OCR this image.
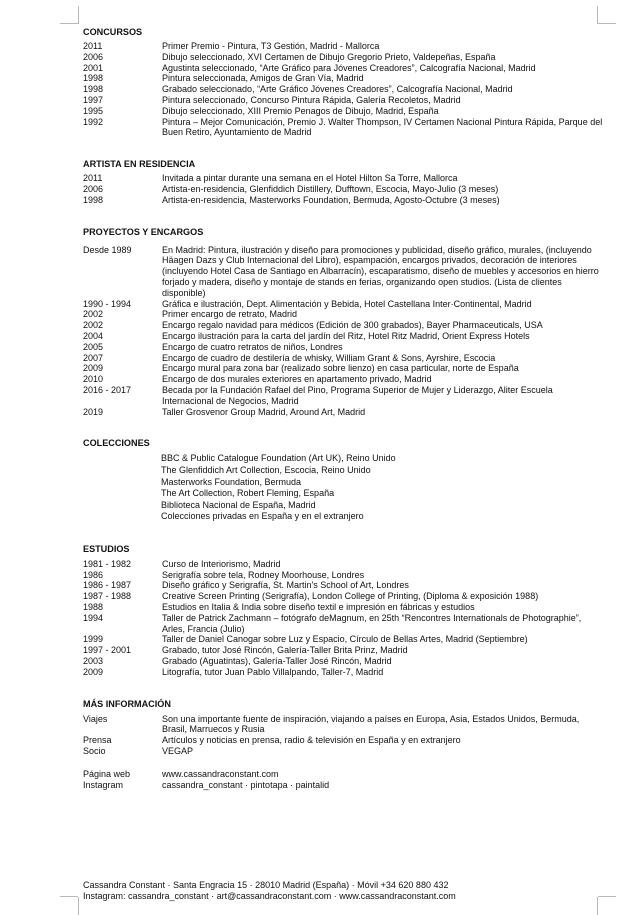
CONCURSOS
2011	Primer Premio - Pintura, T3 Gestión, Madrid - Mallorca
2006	Dibujo seleccionado, XVI Certamen de Dibujo Gregorio Prieto, Valdepeñas, España
2001	Agustinta seleccionado, “Arte Gráfico para Jóvenes Creadores”, Calcografía Nacional, Madrid
1998	Pintura seleccionada, Amigos de Gran Vía, Madrid
1998	Grabado seleccionado, “Arte Gráfico Jóvenes Creadores”, Calcografía Nacional, Madrid
1997	Pintura seleccionado, Concurso Pintura Rápida, Galería Recoletos, Madrid
1995	Dibujo seleccionado, XIII Premio Penagos de Dibujo, Madrid, España
1992	Pintura – Mejor Comunicación, Premio J. Walter Thompson, IV Certamen Nacional Pintura Rápida, Parque del Buen Retiro, Ayuntamiento de Madrid
ARTISTA EN RESIDENCIA
2011	Invitada a pintar durante una semana en el Hotel Hilton Sa Torre, Mallorca
2006	Artista-en-residencia, Glenfiddich Distillery, Dufftown, Escocia, Mayo-Julio (3 meses)
1998	Artista-en-residencia, Masterworks Foundation, Bermuda, Agosto-Octubre (3 meses)
PROYECTOS Y ENCARGOS
Desde 1989	En Madrid: Pintura, ilustración y diseño para promociones y publicidad, diseño gráfico, murales, (incluyendo Häagen Dazs y Club Internacional del Libro), espampación, encargos privados, decoración de interiores (incluyendo Hotel Casa de Santiago en Albarracín), escaparatismo, diseño de muebles y accesorios en hierro forjado y madera, diseño y montaje de stands en ferias, organizando open studios. (Lista de clientes disponible)
1990 - 1994	Gráfica e ilustración, Dept. Alimentación y Bebida, Hotel Castellana Inter·Continental, Madrid
2002	Primer encargo de retrato, Madrid
2002	Encargo regalo navidad para médicos (Edición de 300 grabados), Bayer Pharmaceuticals, USA
2004	Encargo ilustración para la carta del jardín del Ritz, Hotel Ritz Madrid, Orient Express Hotels
2005	Encargo de cuatro retratos de niños, Londres
2007	Encargo de cuadro de destilería de whisky, William Grant & Sons, Ayrshire, Escocia
2009	Encargo mural para zona bar (realizado sobre lienzo) en casa particular, norte de España
2010	Encargo de dos murales exteriores en apartamento privado, Madrid
2016 - 2017	Becada por la Fundación Rafael del Pino, Programa Superior de Mujer y Liderazgo, Aliter Escuela Internacional de Negocios, Madrid
2019	Taller Grosvenor Group Madrid, Around Art, Madrid
COLECCIONES
BBC & Public Catalogue Foundation (Art UK), Reino Unido
The Glenfiddich Art Collection, Escocia, Reino Unido
Masterworks Foundation, Bermuda
The Art Collection, Robert Fleming, España
Biblioteca Nacional de España, Madrid
Colecciones privadas en España y en el extranjero
ESTUDIOS
1981 - 1982	Curso de Interiorismo, Madrid
1986	Serigrafía sobre tela, Rodney Moorhouse, Londres
1986 - 1987	Diseño gráfico y Serigrafía, St. Martin's School of Art, Londres
1987 - 1988	Creative Screen Printing (Serigrafía), London College of Printing, (Diploma & exposición 1988)
1988	Estudios en Italia & India sobre diseño textil e impresión en fábricas y estudios
1994	Taller de Patrick Zachmann – fotógrafo deMagnum, en 25th “Rencontres Internationals de Photographie”, Arles, Francia (Julio)
1999	Taller de Daniel Canogar sobre Luz y Espacio, Círculo de Bellas Artes, Madrid (Septiembre)
1997 - 2001	Grabado, tutor José Rincón, Galería-Taller Brita Prinz, Madrid
2003	Grabado (Aguatintas), Galería-Taller José Rincón, Madrid
2009	Litografía, tutor Juan Pablo Villalpando, Taller-7, Madrid
MÁS INFORMACIÓN
Viajes	Son una importante fuente de inspiración, viajando a países en Europa, Asia, Estados Unidos, Bermuda, Brasil, Marruecos y Rusia
Prensa	Artículos y noticias en prensa, radio & televisión en España y en extranjero
Socio	VEGAP
Página web	www.cassandraconstant.com
Instagram	cassandra_constant · pintotapa · paintalid
Cassandra Constant · Santa Engracia 15 · 28010 Madrid (España) · Móvil +34 620 880 432
Instagram: cassandra_constant · art@cassandraconstant.com · www.cassandraconstant.com
